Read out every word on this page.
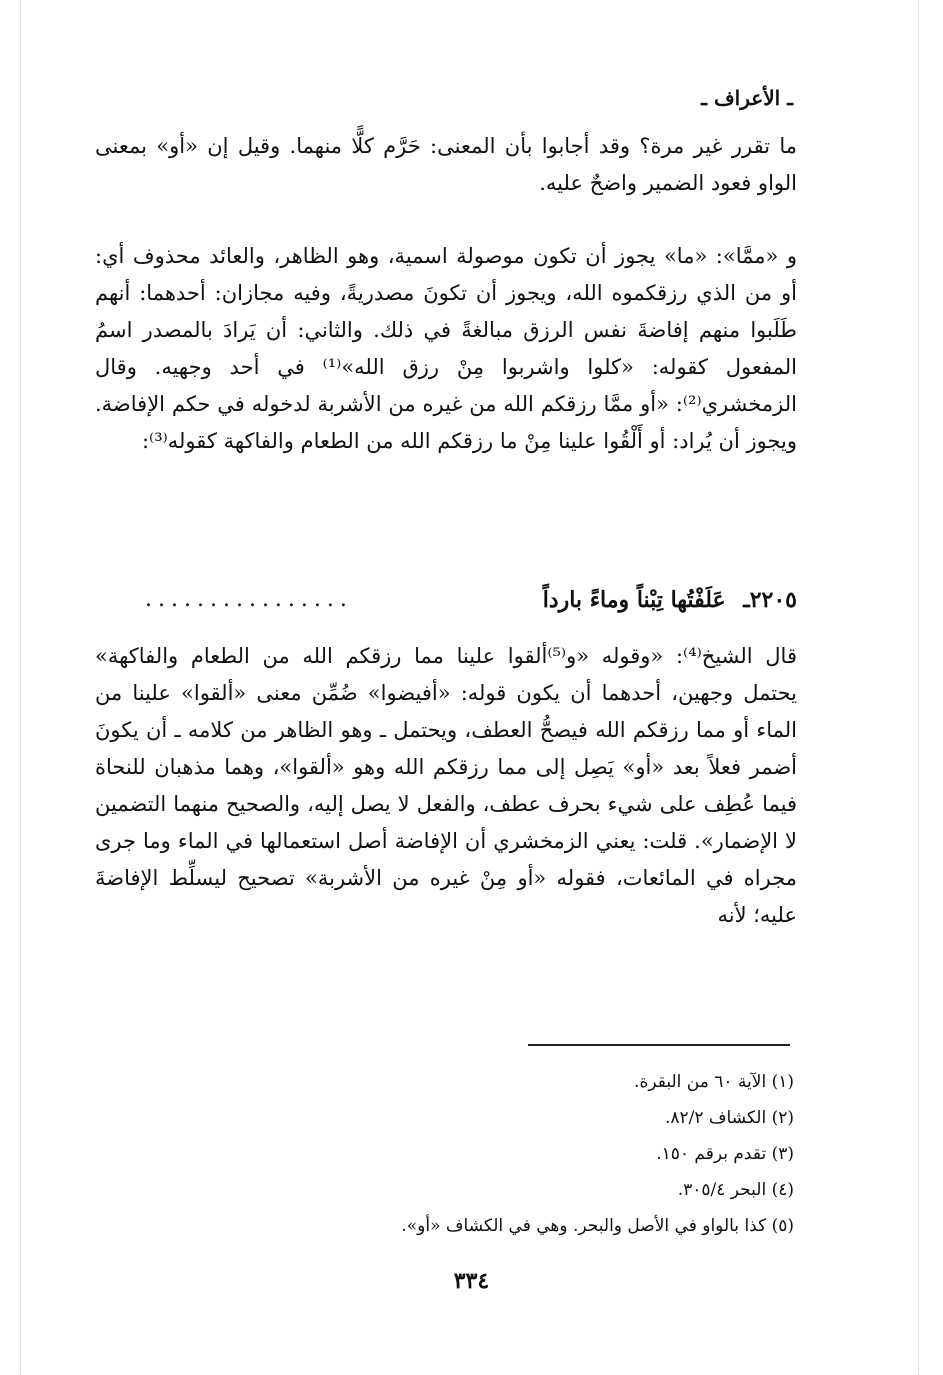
ـ الأعراف ـ

ما تقرر غير مرة؟ وقد أجابوا بأن المعنى: حَرَّم كلًّا منهما. وقيل إن «أو» بمعنى الواو فعود الضمير واضحٌ عليه.

و «ممَّا»: «ما» يجوز أن تكون موصولة اسمية، وهو الظاهر، والعائد محذوف أي: أو من الذي رزقكموه الله، ويجوز أن تكونَ مصدريةً، وفيه مجازان: أحدهما: أنهم طَلَبوا منهم إفاضةَ نفس الرزق مبالغةً في ذلك. والثاني: أن يَرادَ بالمصدر اسمُ المفعول كقوله: «كلوا واشربوا مِنْ رزق الله»⁽¹⁾ في أحد وجهيه. وقال الزمخشري⁽²⁾: «أو ممَّا رزقكم الله من غيره من الأشربة لدخوله في حكم الإفاضة. ويجوز أن يُراد: أو أَلْقُوا علينا مِنْ ما رزقكم الله من الطعام والفاكهة كقوله⁽³⁾:

٢٢٠٥ـ عَلَفْتُها تِبْناً وماءً بارداً
................

قال الشيخ⁽⁴⁾: «وقوله «و⁽⁵⁾ألقوا علينا مما رزقكم الله من الطعام والفاكهة» يحتمل وجهين، أحدهما أن يكون قوله: «أفيضوا» ضُمِّن معنى «ألقوا» علينا من الماء أو مما رزقكم الله فيصحُّ العطف، ويحتمل ـ وهو الظاهر من كلامه ـ أن يكونَ أضمر فعلاً بعد «أو» يَصِل إلى مما رزقكم الله وهو «ألقوا»، وهما مذهبان للنحاة فيما عُطِف على شيء بحرف عطف، والفعل لا يصل إليه، والصحيح منهما التضمين لا الإضمار». قلت: يعني الزمخشري أن الإفاضة أصل استعمالها في الماء وما جرى مجراه في المائعات، فقوله «أو مِنْ غيره من الأشربة» تصحيح ليسلِّط الإفاضةَ عليه؛ لأنه

(١) الآية ٦٠ من البقرة.
(٢) الكشاف ٨٢/٢.
(٣) تقدم برقم ١٥٠.
(٤) البحر ٣٠٥/٤.
(٥) كذا بالواو في الأصل والبحر. وهي في الكشاف «أو».
٣٣٤
